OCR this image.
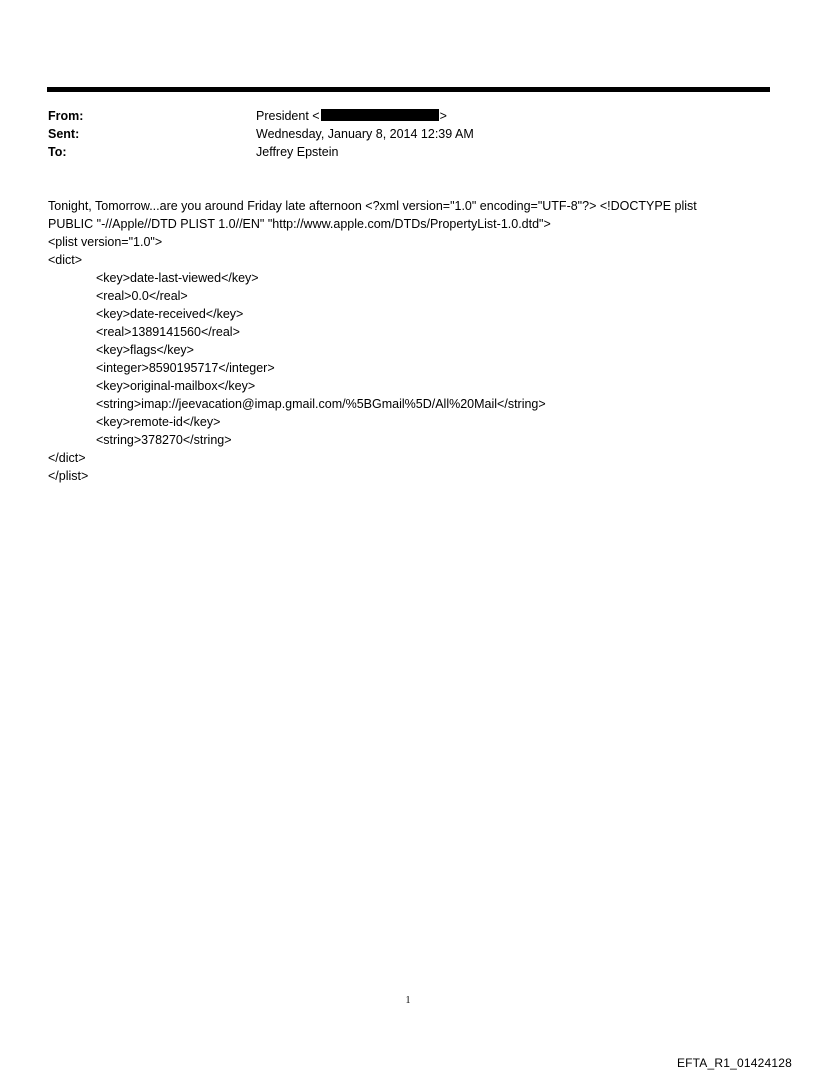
From:	President <	>
Sent:	Wednesday, January 8, 2014 12:39 AM
To:	Jeffrey Epstein
Tonight, Tomorrow...are you around Friday late afternoon <?xml version="1.0" encoding="UTF-8"?> <!DOCTYPE plist
PUBLIC "-//Apple//DTD PLIST 1.0//EN" "http://www.apple.com/DTDs/PropertyList-1.0.dtd">
<plist version="1.0">
<dict>
<key>date-last-viewed</key>
<real>0.0</real>
<key>date-received</key>
<real>1389141560</real>
<key>flags</key>
<integer>8590195717</integer>
<key>original-mailbox</key>
<string>imap://jeevacation@imap.gmail.com/%5BGmail%5D/All%20Mail</string>
<key>remote-id</key>
<string>378270</string>
</dict>
</plist>
1
EFTA_R1_01424128
